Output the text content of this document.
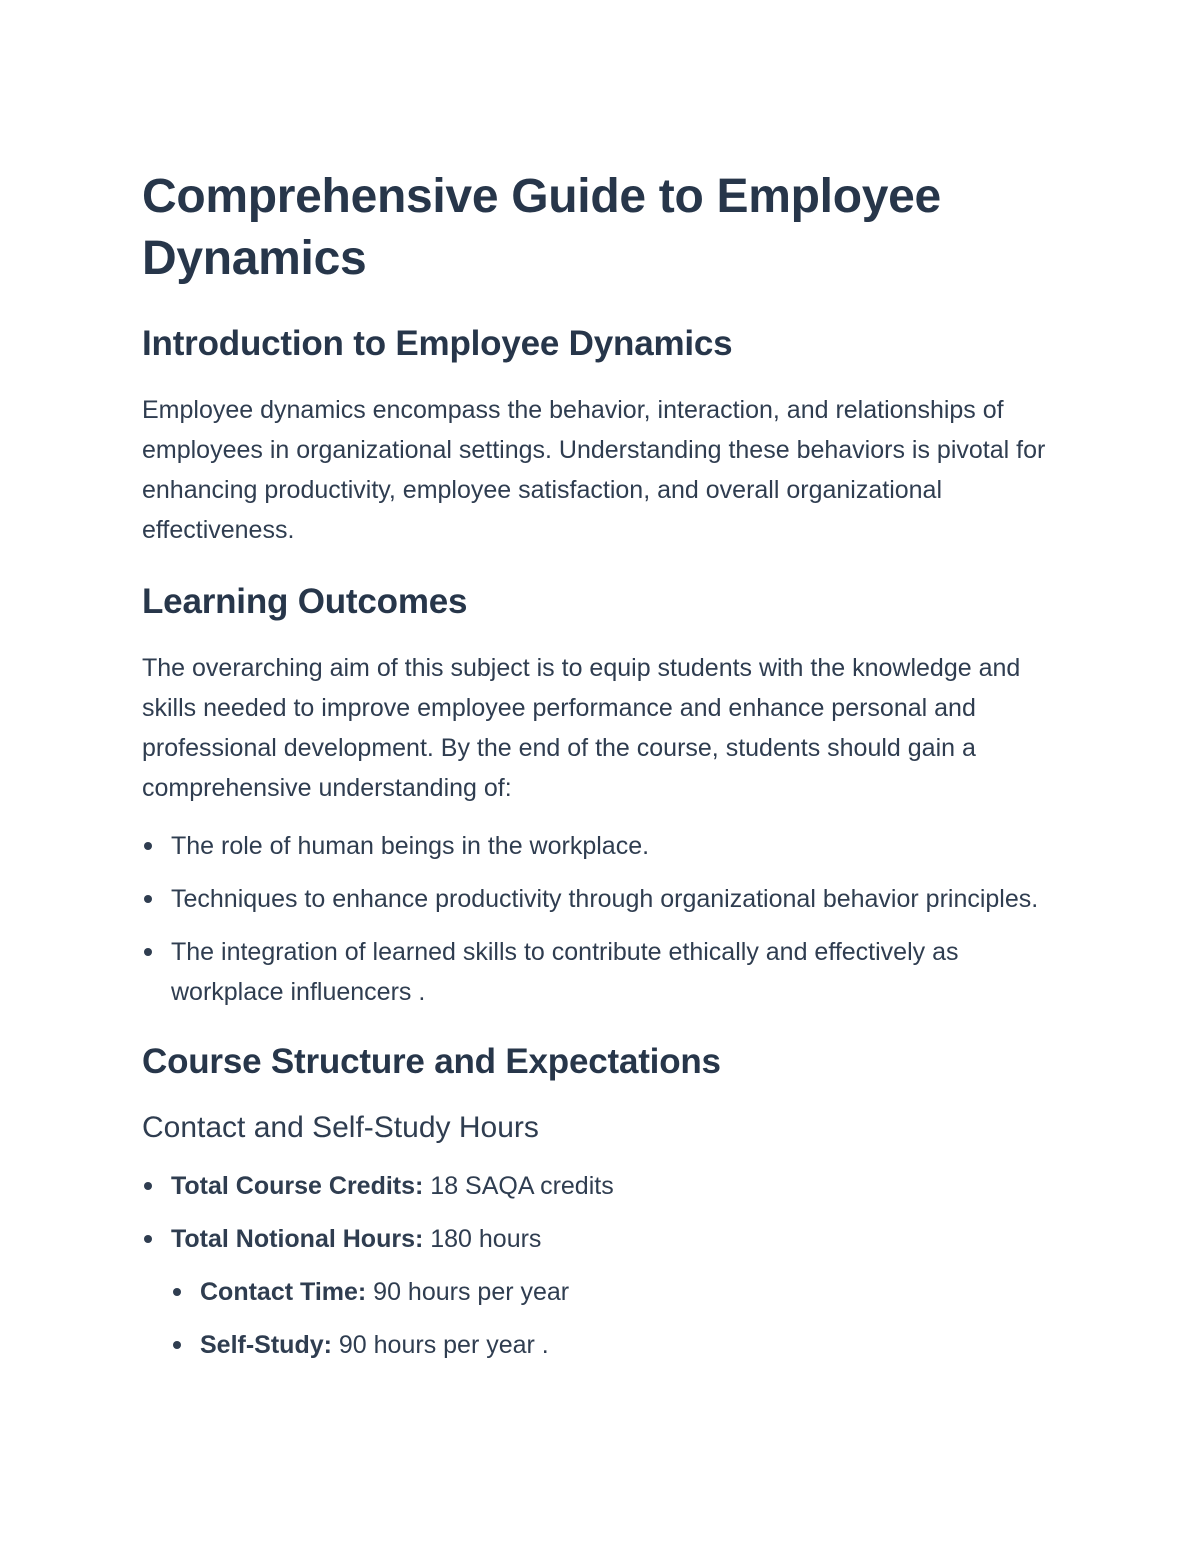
Comprehensive Guide to Employee Dynamics
Introduction to Employee Dynamics

Employee dynamics encompass the behavior, interaction, and relationships of employees in organizational settings. Understanding these behaviors is pivotal for enhancing productivity, employee satisfaction, and overall organizational effectiveness.

Learning Outcomes

The overarching aim of this subject is to equip students with the knowledge and skills needed to improve employee performance and enhance personal and professional development. By the end of the course, students should gain a comprehensive understanding of:

The role of human beings in the workplace.
Techniques to enhance productivity through organizational behavior principles.
The integration of learned skills to contribute ethically and effectively as workplace influencers .
Course Structure and Expectations
Contact and Self-Study Hours
Total Course Credits: 18 SAQA credits
Total Notional Hours: 180 hours
Contact Time: 90 hours per year
Self-Study: 90 hours per year .
